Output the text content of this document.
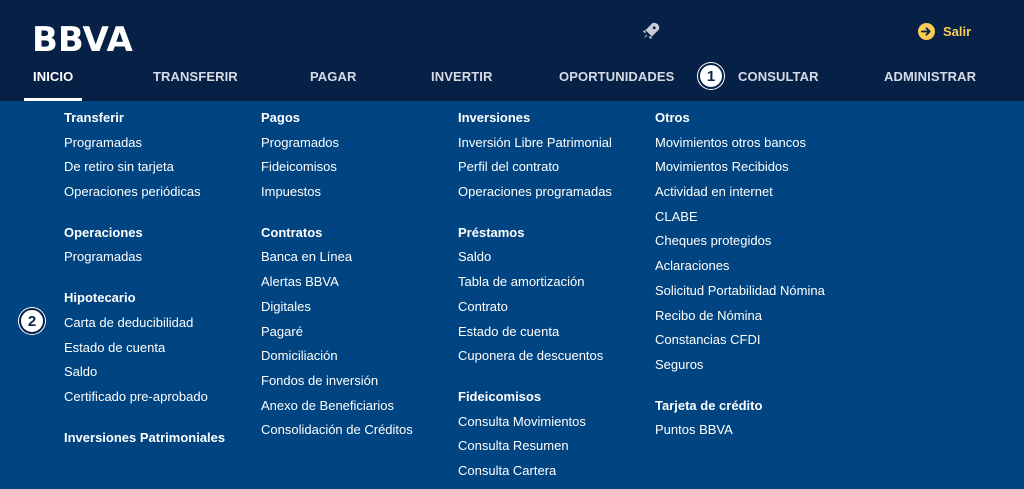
BBVA	Salir
INICIO	TRANSFERIR	PAGAR	INVERTIR	OPORTUNIDADES	CONSULTAR	ADMINISTRAR
1
2
Transferir
Programadas
De retiro sin tarjeta
Operaciones periódicas
Operaciones
Programadas
Hipotecario
Carta de deducibilidad
Estado de cuenta
Saldo
Certificado pre-aprobado
Inversiones Patrimoniales
Pagos
Programados
Fideicomisos
Impuestos
Contratos
Banca en Línea
Alertas BBVA
Digitales
Pagaré
Domiciliación
Fondos de inversión
Anexo de Beneficiarios
Consolidación de Créditos
Inversiones
Inversión Libre Patrimonial
Perfil del contrato
Operaciones programadas
Préstamos
Saldo
Tabla de amortización
Contrato
Estado de cuenta
Cuponera de descuentos
Fideicomisos
Consulta Movimientos
Consulta Resumen
Consulta Cartera
Otros
Movimientos otros bancos
Movimientos Recibidos
Actividad en internet
CLABE
Cheques protegidos
Aclaraciones
Solicitud Portabilidad Nómina
Recibo de Nómina
Constancias CFDI
Seguros
Tarjeta de crédito
Puntos BBVA
